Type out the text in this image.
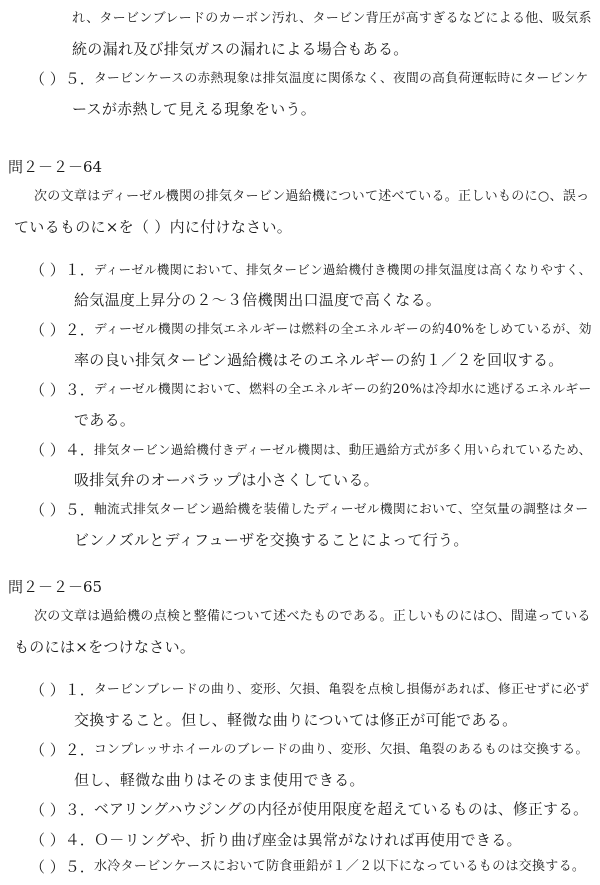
れ、タービンブレードのカーボン汚れ、タービン背圧が高すぎるなどによる他、吸気系
統の漏れ及び排気ガスの漏れによる場合もある。
（ ）５． タービンケースの赤熱現象は排気温度に関係なく、夜間の高負荷運転時にタービンケ
ースが赤熱して見える現象をいう。
問２－２－64
次の文章はディーゼル機関の排気タービン過給機について述べている。正しいものに○、誤っ
ているものに×を（ ）内に付けなさい。
（ ）１． ディーゼル機関において、排気タービン過給機付き機関の排気温度は高くなりやすく、
給気温度上昇分の２～３倍機関出口温度で高くなる。
（ ）２． ディーゼル機関の排気エネルギーは燃料の全エネルギーの約40%をしめているが、効
率の良い排気タービン過給機はそのエネルギーの約１／２を回収する。
（ ）３． ディーゼル機関において、燃料の全エネルギーの約20%は冷却水に逃げるエネルギー
である。
（ ）４． 排気タービン過給機付きディーゼル機関は、動圧過給方式が多く用いられているため、
吸排気弁のオーバラップは小さくしている。
（ ）５． 軸流式排気タービン過給機を装備したディーゼル機関において、空気量の調整はター
ビンノズルとディフューザを交換することによって行う。
問２－２－65
次の文章は過給機の点検と整備について述べたものである。正しいものには○、間違っている
ものには×をつけなさい。
（ ）１． タービンブレードの曲り、変形、欠損、亀裂を点検し損傷があれば、修正せずに必ず
交換すること。但し、軽微な曲りについては修正が可能である。
（ ）２． コンプレッサホイールのブレードの曲り、変形、欠損、亀裂のあるものは交換する。
但し、軽微な曲りはそのまま使用できる。
（ ）３． ベアリングハウジングの内径が使用限度を超えているものは、修正する。
（ ）４． Ｏ－リングや、折り曲げ座金は異常がなければ再使用できる。
（ ）５． 水冷タービンケースにおいて防食亜鉛が１／２以下になっているものは交換する。
